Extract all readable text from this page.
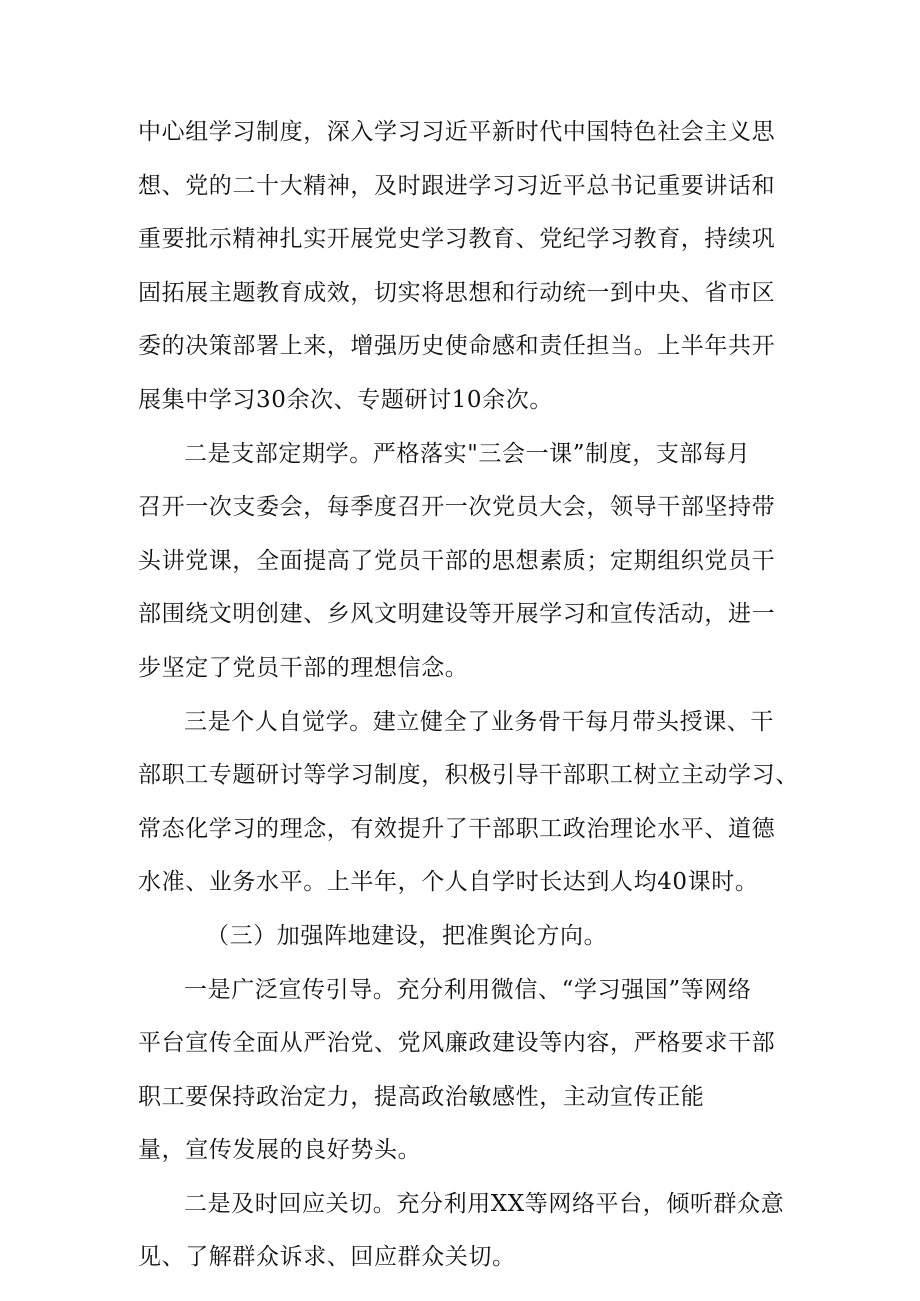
中心组学习制度，深入学习习近平新时代中国特色社会主义思
想、党的二十大精神，及时跟进学习习近平总书记重要讲话和
重要批示精神扎实开展党史学习教育、党纪学习教育，持续巩
固拓展主题教育成效，切实将思想和行动统一到中央、省市区
委的决策部署上来，增强历史使命感和责任担当。上半年共开
展集中学习30余次、专题研讨10余次。
二是支部定期学。严格落实"三会一课”制度，支部每月
召开一次支委会，每季度召开一次党员大会，领导干部坚持带
头讲党课，全面提高了党员干部的思想素质；定期组织党员干
部围绕文明创建、乡风文明建设等开展学习和宣传活动，进一
步坚定了党员干部的理想信念。
三是个人自觉学。建立健全了业务骨干每月带头授课、干
部职工专题研讨等学习制度，积极引导干部职工树立主动学习、
常态化学习的理念，有效提升了干部职工政治理论水平、道德
水准、业务水平。上半年，个人自学时长达到人均40课时。
（三）加强阵地建设，把准舆论方向。
一是广泛宣传引导。充分利用微信、“学习强国”等网络
平台宣传全面从严治党、党风廉政建设等内容，严格要求干部
职工要保持政治定力，提高政治敏感性，主动宣传正能
量，宣传发展的良好势头。
二是及时回应关切。充分利用XX等网络平台，倾听群众意
见、了解群众诉求、回应群众关切。
